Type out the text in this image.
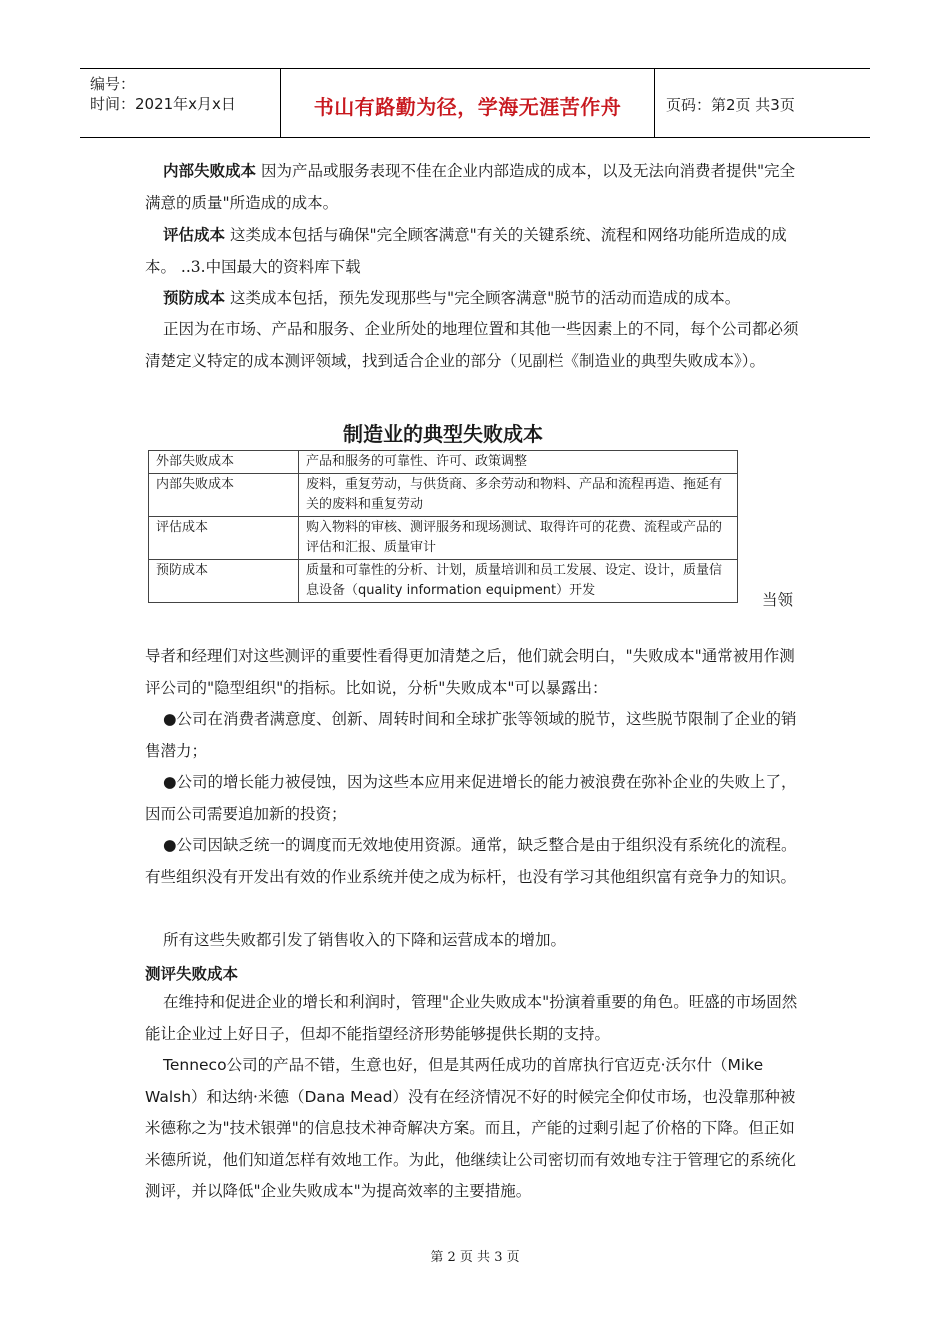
编号：
时间：2021年x月x日	书山有路勤为径，学海无涯苦作舟	页码：第2页 共3页

内部失败成本 因为产品或服务表现不佳在企业内部造成的成本，以及无法向消费者提供"完全满意的质量"所造成的成本。

评估成本 这类成本包括与确保"完全顾客满意"有关的关键系统、流程和网络功能所造成的成本。 ..3.中国最大的资料库下载

预防成本 这类成本包括，预先发现那些与"完全顾客满意"脱节的活动而造成的成本。

正因为在市场、产品和服务、企业所处的地理位置和其他一些因素上的不同，每个公司都必须清楚定义特定的成本测评领域，找到适合企业的部分（见副栏《制造业的典型失败成本》）。

制造业的典型失败成本
外部失败成本	产品和服务的可靠性、许可、政策调整
内部失败成本	废料，重复劳动，与供货商、多余劳动和物料、产品和流程再造、拖延有关的废料和重复劳动
评估成本	购入物料的审核、测评服务和现场测试、取得许可的花费、流程或产品的评估和汇报、质量审计
预防成本	质量和可靠性的分析、计划，质量培训和员工发展、设定、设计，质量信息设备（quality information equipment）开发
当领

导者和经理们对这些测评的重要性看得更加清楚之后，他们就会明白，"失败成本"通常被用作测评公司的"隐型组织"的指标。比如说，分析"失败成本"可以暴露出：

●公司在消费者满意度、创新、周转时间和全球扩张等领域的脱节，这些脱节限制了企业的销售潜力；

●公司的增长能力被侵蚀，因为这些本应用来促进增长的能力被浪费在弥补企业的失败上了，因而公司需要追加新的投资；

●公司因缺乏统一的调度而无效地使用资源。通常，缺乏整合是由于组织没有系统化的流程。有些组织没有开发出有效的作业系统并使之成为标杆，也没有学习其他组织富有竞争力的知识。

所有这些失败都引发了销售收入的下降和运营成本的增加。

测评失败成本

在维持和促进企业的增长和利润时，管理"企业失败成本"扮演着重要的角色。旺盛的市场固然能让企业过上好日子，但却不能指望经济形势能够提供长期的支持。

Tenneco公司的产品不错，生意也好，但是其两任成功的首席执行官迈克·沃尔什（Mike Walsh）和达纳·米德（Dana Mead）没有在经济情况不好的时候完全仰仗市场，也没靠那种被米德称之为"技术银弹"的信息技术神奇解决方案。而且，产能的过剩引起了价格的下降。但正如米德所说，他们知道怎样有效地工作。为此，他继续让公司密切而有效地专注于管理它的系统化测评，并以降低"企业失败成本"为提高效率的主要措施。

第 2 页 共 3 页
